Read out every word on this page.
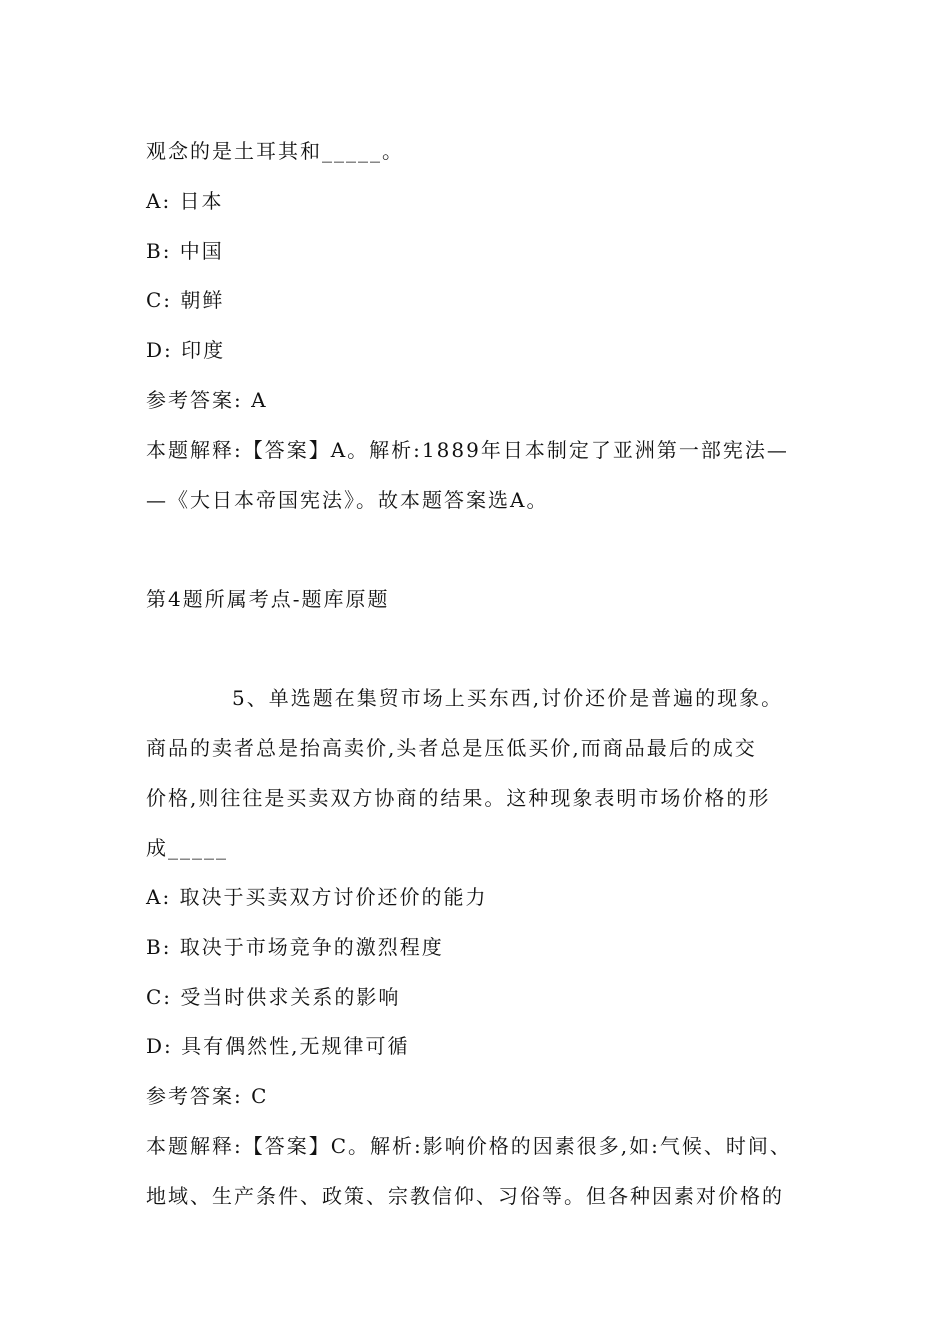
观念的是土耳其和_____。
A: 日本
B: 中国
C: 朝鲜
D: 印度
参考答案: A
本题解释:【答案】A。解析:1889年日本制定了亚洲第一部宪法—
—《大日本帝国宪法》。故本题答案选A。
第4题所属考点-题库原题
5、单选题在集贸市场上买东西,讨价还价是普遍的现象。
商品的卖者总是抬高卖价,头者总是压低买价,而商品最后的成交
价格,则往往是买卖双方协商的结果。这种现象表明市场价格的形
成_____
A: 取决于买卖双方讨价还价的能力
B: 取决于市场竞争的激烈程度
C: 受当时供求关系的影响
D: 具有偶然性,无规律可循
参考答案: C
本题解释:【答案】C。解析:影响价格的因素很多,如:气候、时间、
地域、生产条件、政策、宗教信仰、习俗等。但各种因素对价格的
